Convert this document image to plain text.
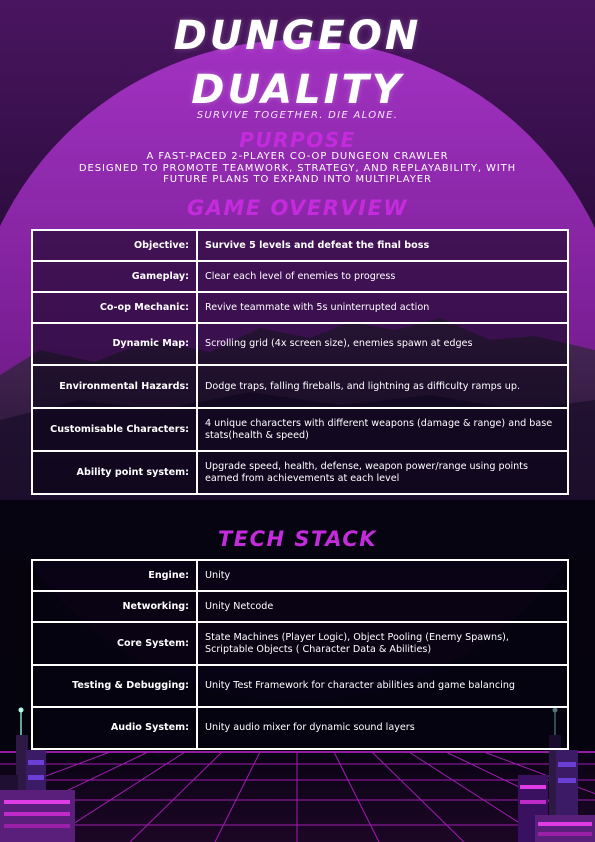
DUNGEON
DUALITY
SURVIVE TOGETHER. DIE ALONE.
PURPOSE
A FAST-PACED 2-PLAYER CO-OP DUNGEON CRAWLER
DESIGNED TO PROMOTE TEAMWORK, STRATEGY, AND REPLAYABILITY, WITH
FUTURE PLANS TO EXPAND INTO MULTIPLAYER
GAME OVERVIEW
Objective:	Survive 5 levels and defeat the final boss
Gameplay:	Clear each level of enemies to progress
Co-op Mechanic:	Revive teammate with 5s uninterrupted action
Dynamic Map:	Scrolling grid (4x screen size), enemies spawn at edges
Environmental Hazards:	Dodge traps, falling fireballs, and lightning as difficulty ramps up.
Customisable Characters:	4 unique characters with different weapons (damage & range) and base stats(health & speed)
Ability point system:	Upgrade speed, health, defense, weapon power/range using points earned from achievements at each level
TECH STACK
Engine:	Unity
Networking:	Unity Netcode
Core System:	State Machines (Player Logic), Object Pooling (Enemy Spawns), Scriptable Objects ( Character Data & Abilities)
Testing & Debugging:	Unity Test Framework for character abilities and game balancing
Audio System:	Unity audio mixer for dynamic sound layers
